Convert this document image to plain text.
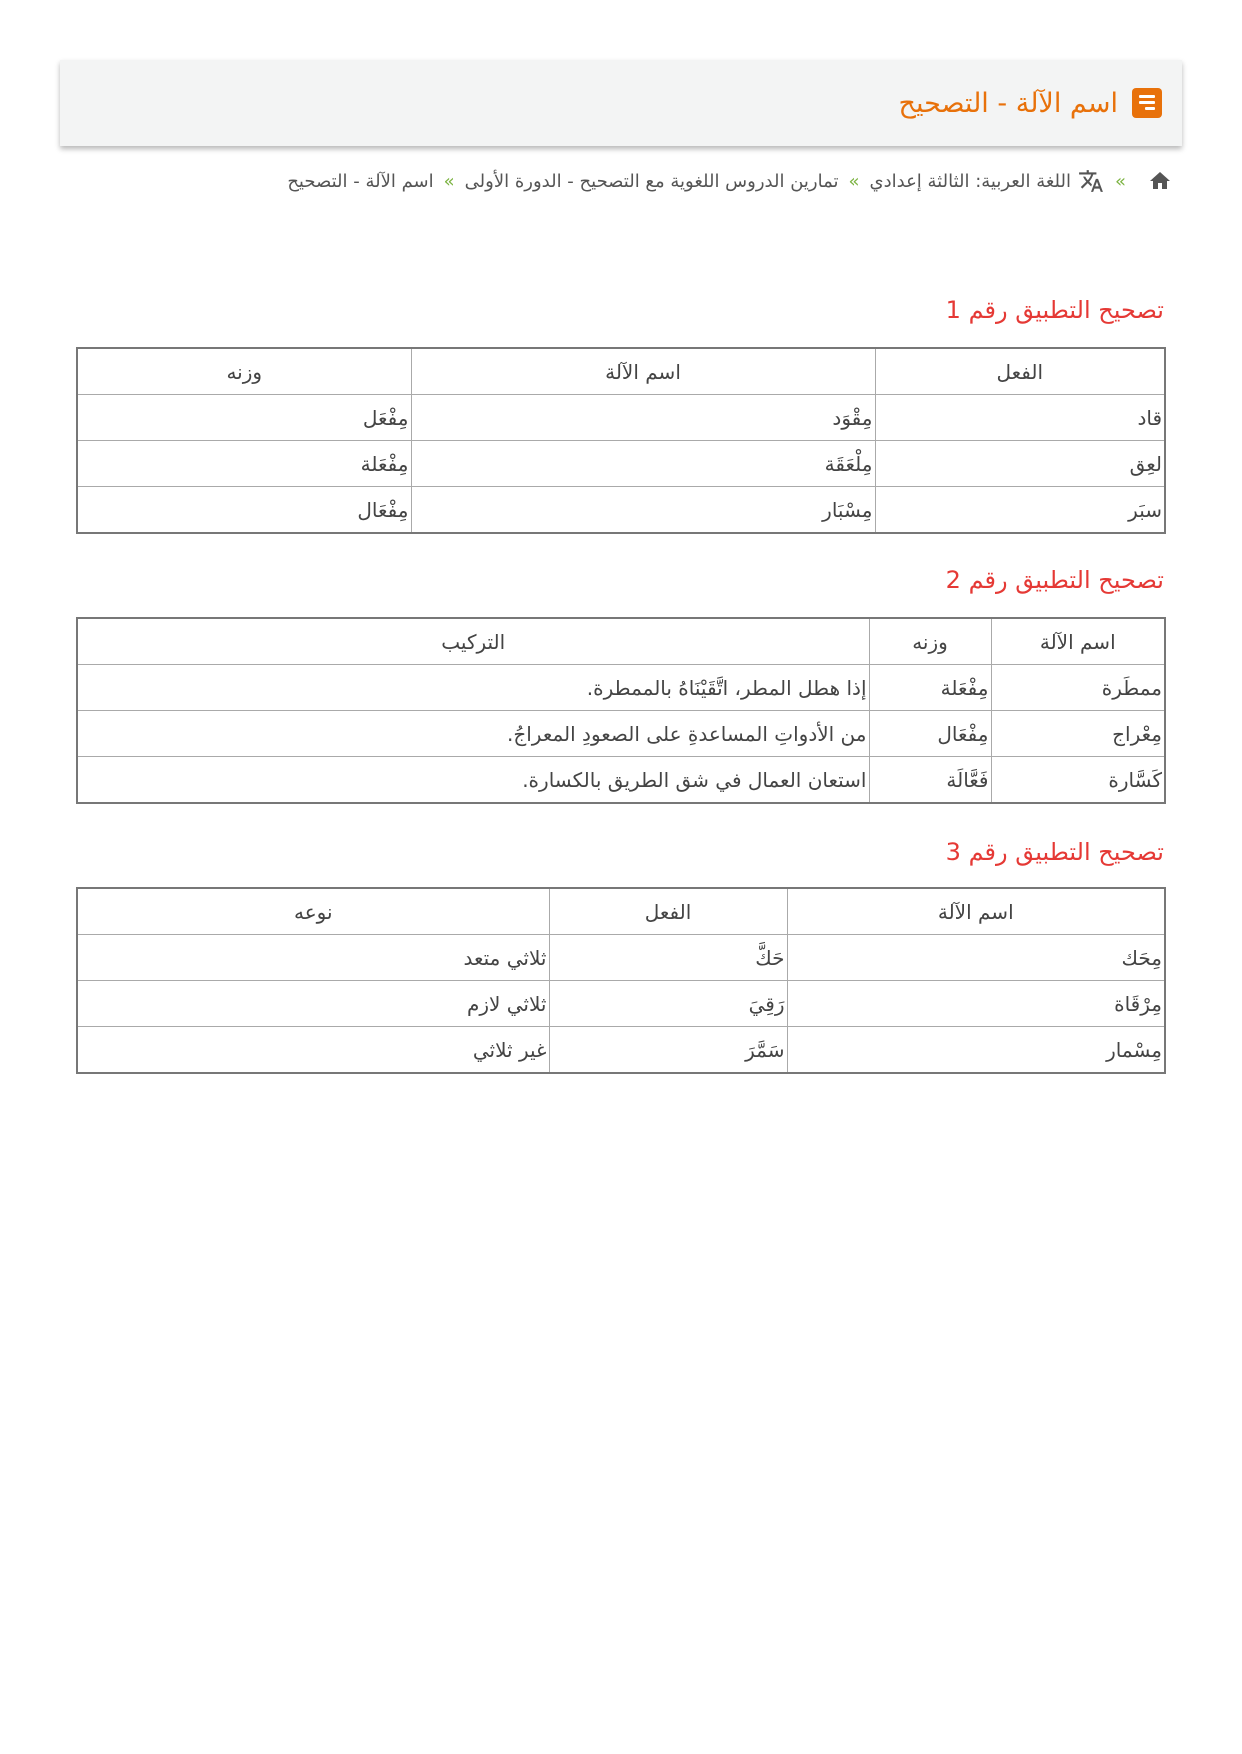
اسم الآلة - التصحيح
»
اللغة العربية: الثالثة إعدادي
»
تمارين الدروس اللغوية مع التصحيح - الدورة الأولى
»
اسم الآلة - التصحيح
تصحيح التطبيق رقم 1
الفعل	اسم الآلة	وزنه
قاد	مِقْوَد	مِفْعَل
لعِق	مِلْعَقَة	مِفْعَلة
سبَر	مِسْبَار	مِفْعَال
تصحيح التطبيق رقم 2
اسم الآلة	وزنه	التركيب
ممطَرة	مِفْعَلة	إذا هطل المطر، اتَّقَيْنَاهُ بالممطرة.
مِعْراج	مِفْعَال	من الأدواتِ المساعدةِ على الصعودِ المعراجُ.
كَسَّارة	فَعَّالَة	استعان العمال في شق الطريق بالكسارة.
تصحيح التطبيق رقم 3
اسم الآلة	الفعل	نوعه
مِحَك	حَكَّ	ثلاثي متعد
مِرْقَاة	رَقِيَ	ثلاثي لازم
مِسْمار	سَمَّرَ	غير ثلاثي
